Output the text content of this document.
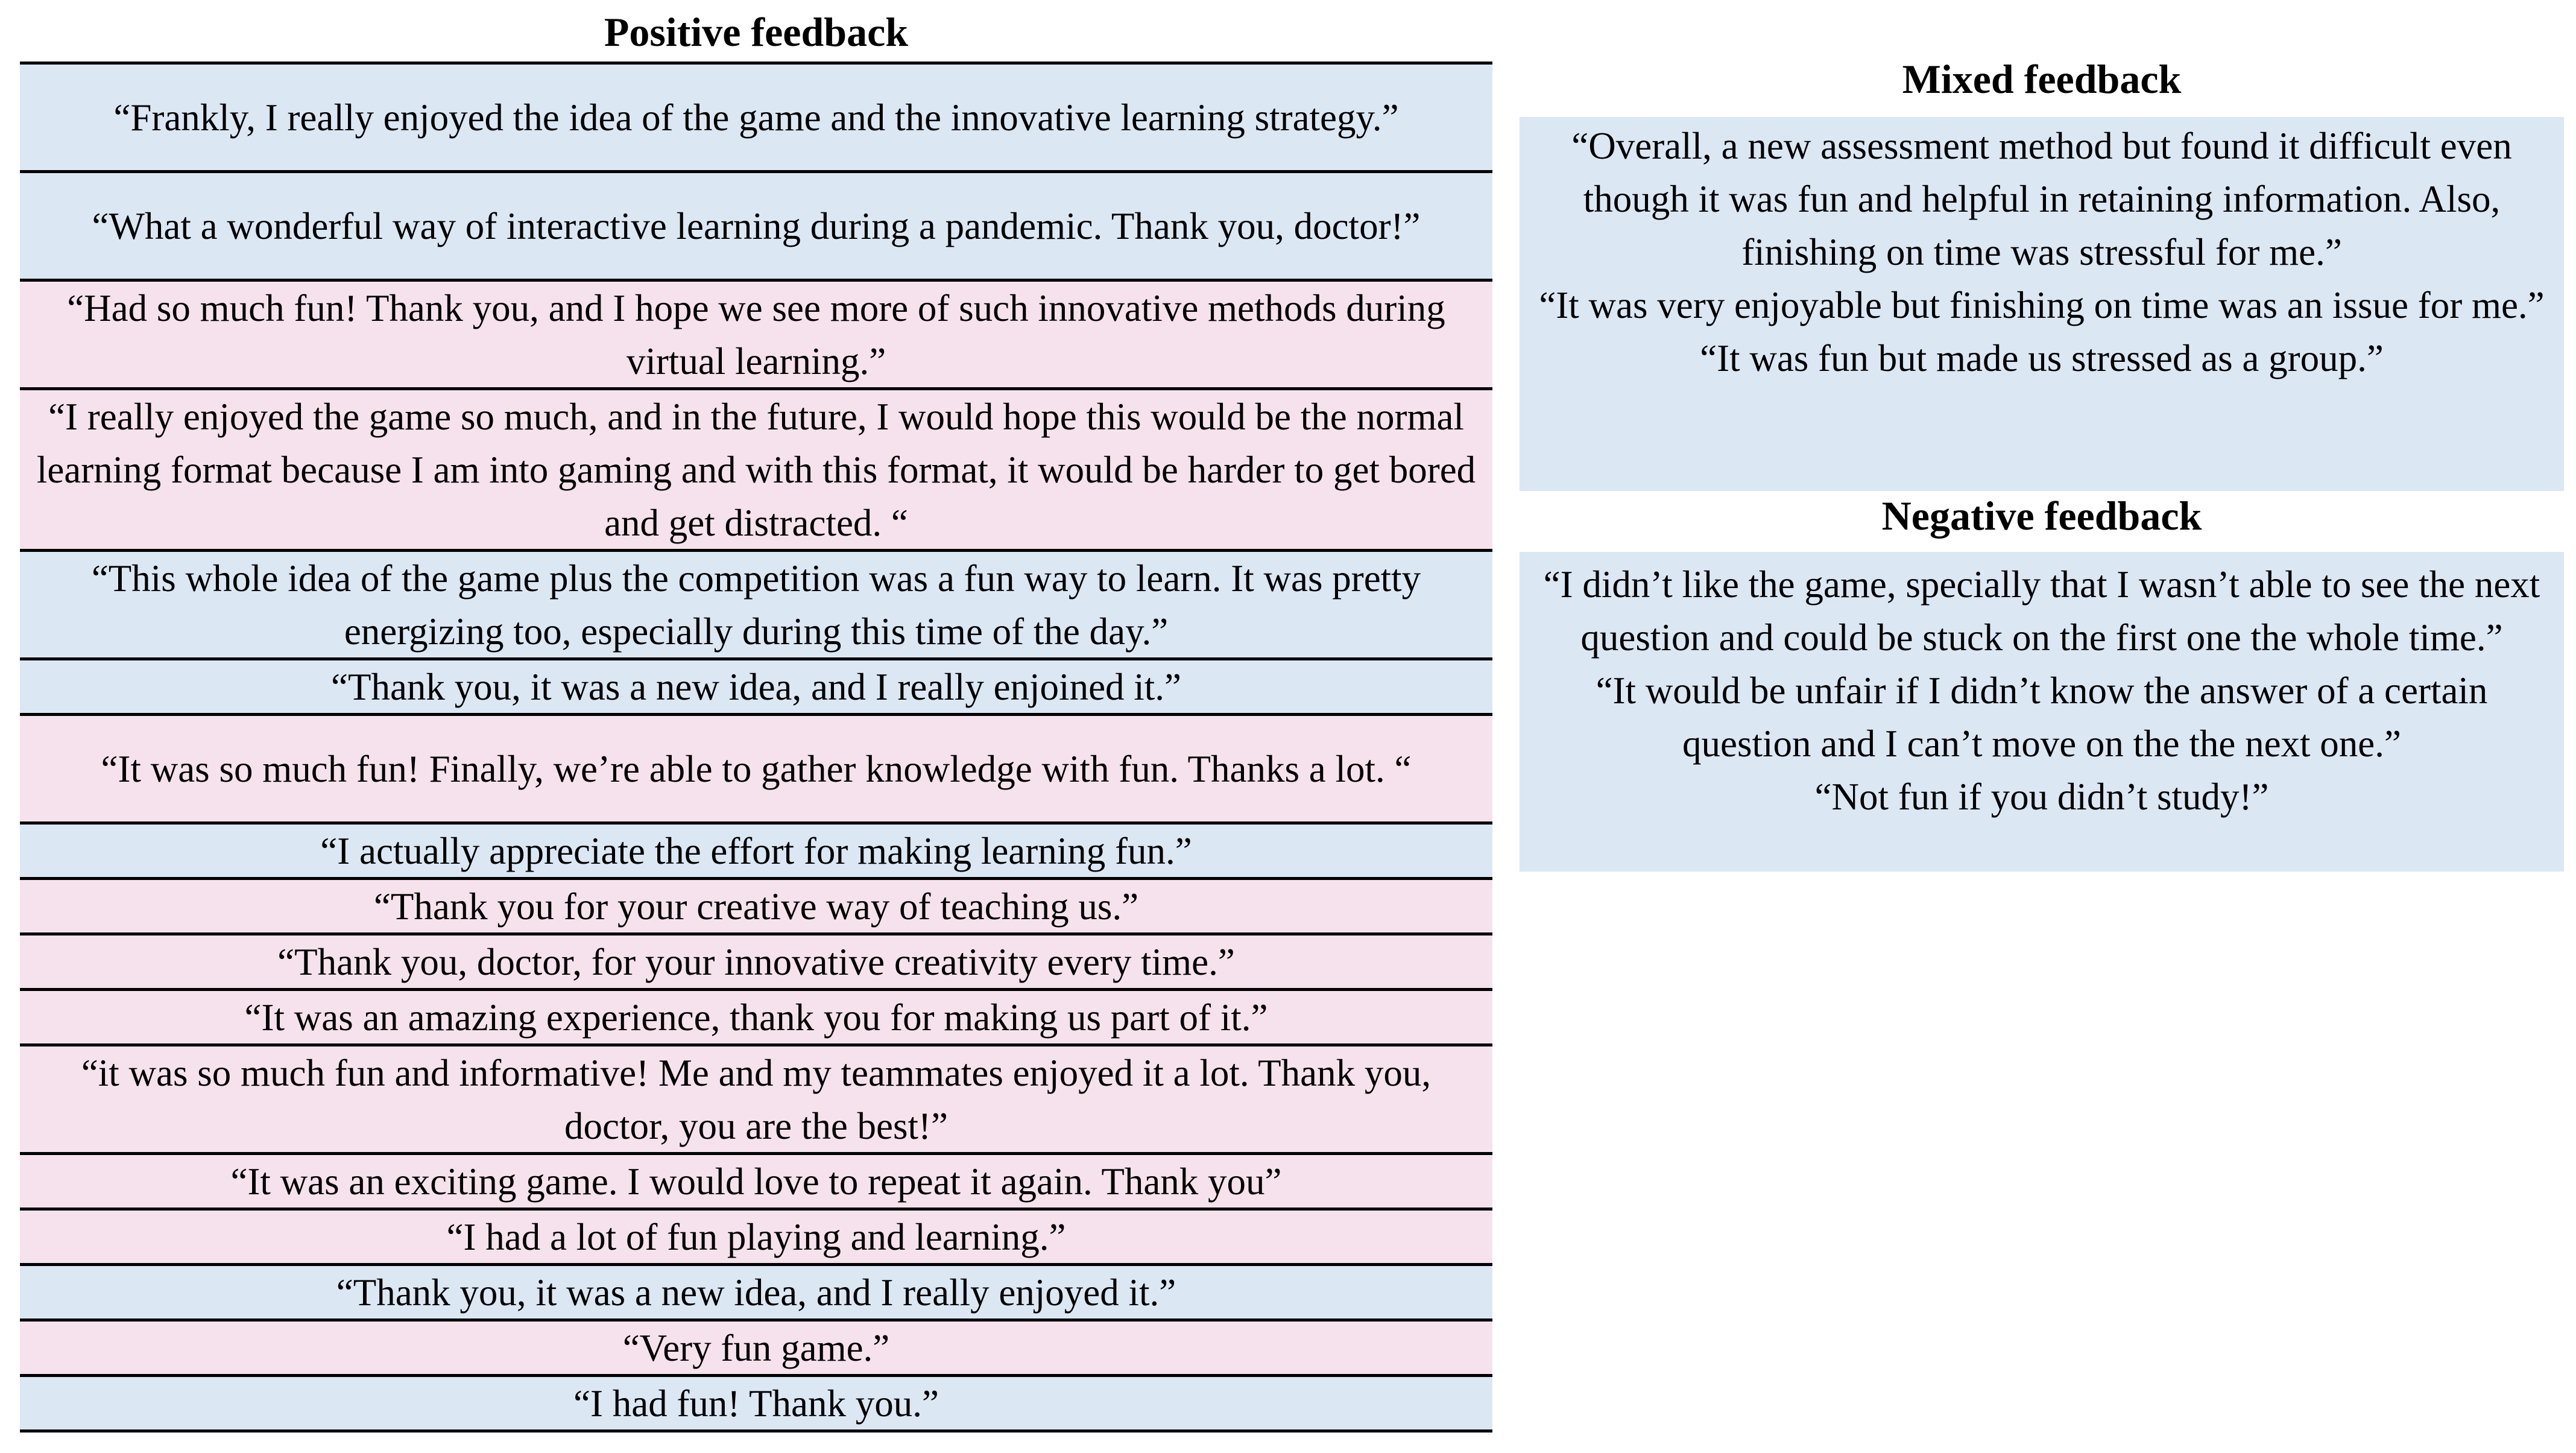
Positive feedback
“Frankly, I really enjoyed the idea of the game and the innovative learning strategy.”
“What a wonderful way of interactive learning during a pandemic. Thank you, doctor!”
“Had so much fun! Thank you, and I hope we see more of such innovative methods during virtual learning.”
“I really enjoyed the game so much, and in the future, I would hope this would be the normal learning format because I am into gaming and with this format, it would be harder to get bored and get distracted. “
“This whole idea of the game plus the competition was a fun way to learn. It was pretty energizing too, especially during this time of the day.”
“Thank you, it was a new idea, and I really enjoined it.”
“It was so much fun! Finally, we’re able to gather knowledge with fun. Thanks a lot. “
“I actually appreciate the effort for making learning fun.”
“Thank you for your creative way of teaching us.”
“Thank you, doctor, for your innovative creativity every time.”
“It was an amazing experience, thank you for making us part of it.”
“it was so much fun and informative! Me and my teammates enjoyed it a lot. Thank you, doctor, you are the best!”
“It was an exciting game. I would love to repeat it again. Thank you”
“I had a lot of fun playing and learning.”
“Thank you, it was a new idea, and I really enjoyed it.”
“Very fun game.”
“I had fun! Thank you.”
Mixed feedback

“Overall, a new assessment method but found it difficult even though it was fun and helpful in retaining information. Also, finishing on time was stressful for me.”

“It was very enjoyable but finishing on time was an issue for me.”

“It was fun but made us stressed as a group.”

Negative feedback

“I didn’t like the game, specially that I wasn’t able to see the next question and could be stuck on the first one the whole time.”

“It would be unfair if I didn’t know the answer of a certain question and I can’t move on the the next one.”

“Not fun if you didn’t study!”
